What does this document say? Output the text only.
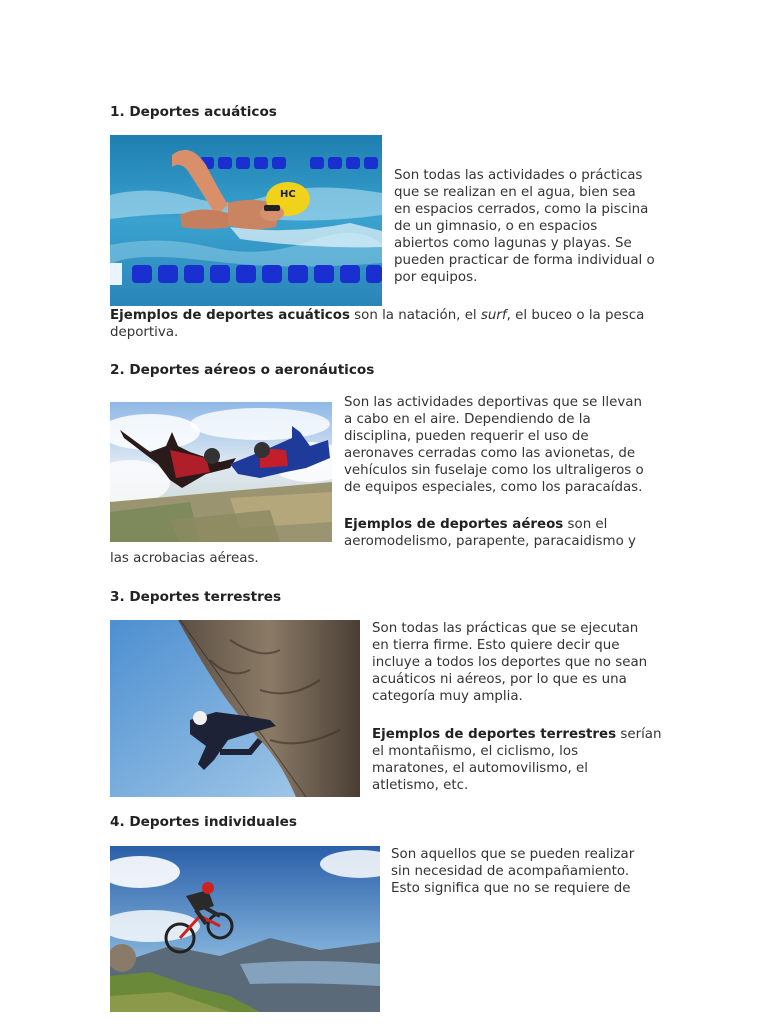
1. Deportes acuáticos
HC
Son todas las actividades o prácticas
que se realizan en el agua, bien sea
en espacios cerrados, como la piscina
de un gimnasio, o en espacios
abiertos como lagunas y playas. Se
pueden practicar de forma individual o
por equipos.
Ejemplos de deportes acuáticos son la natación, el surf, el buceo o la pesca
deportiva.
2. Deportes aéreos o aeronáuticos
Son las actividades deportivas que se llevan
a cabo en el aire. Dependiendo de la
disciplina, pueden requerir el uso de
aeronaves cerradas como las avionetas, de
vehículos sin fuselaje como los ultraligeros o
de equipos especiales, como los paracaídas.
Ejemplos de deportes aéreos son el
aeromodelismo, parapente, paracaidismo y
las acrobacias aéreas.
3. Deportes terrestres
Son todas las prácticas que se ejecutan
en tierra firme. Esto quiere decir que
incluye a todos los deportes que no sean
acuáticos ni aéreos, por lo que es una
categoría muy amplia.
Ejemplos de deportes terrestres serían
el montañismo, el ciclismo, los
maratones, el automovilismo, el
atletismo, etc.
4. Deportes individuales
Son aquellos que se pueden realizar
sin necesidad de acompañamiento.
Esto significa que no se requiere de
